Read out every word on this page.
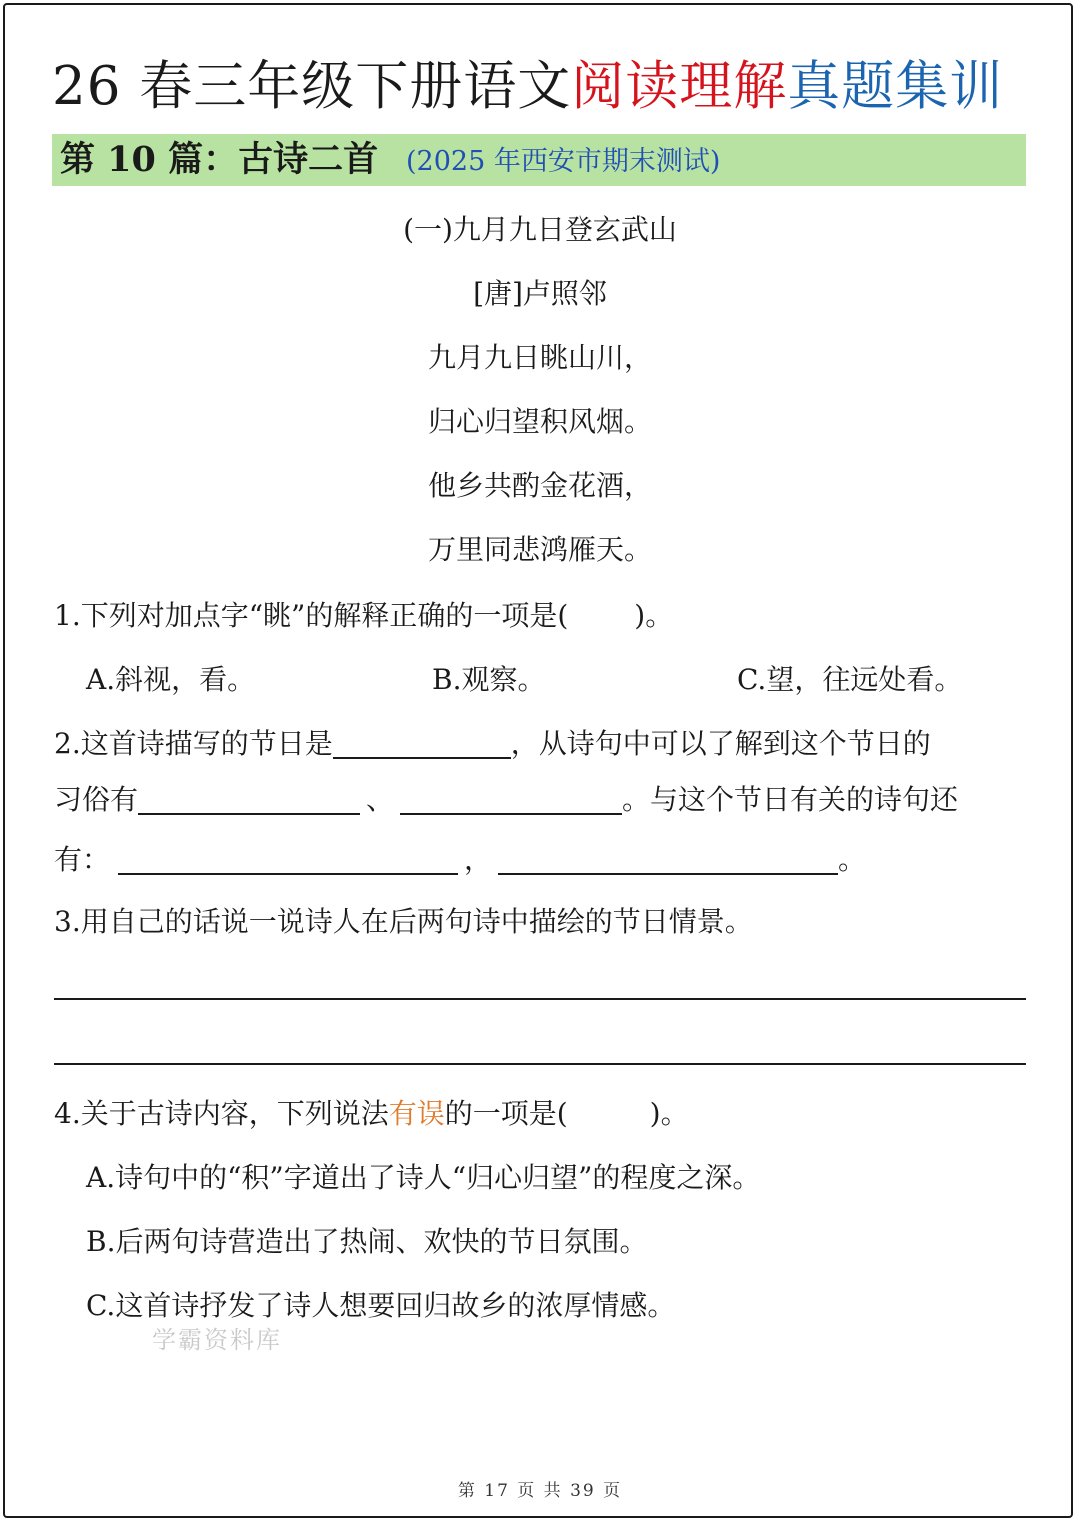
26 春三年级下册语文阅读理解真题集训
第 10 篇：古诗二首 (2025 年西安市期末测试)
(一)九月九日登玄武山
[唐]卢照邻
九月九日眺山川，
归心归望积风烟。
他乡共酌金花酒，
万里同悲鸿雁天。
1.下列对加点字“眺”的解释正确的一项是( )。
A.斜视，看。	B.观察。	C.望，往远处看。
2.这首诗描写的节日是	，从诗句中可以了解到这个节日的
习俗有	、	。与这个节日有关的诗句还
有：	，	。
3.用自己的话说一说诗人在后两句诗中描绘的节日情景。
4.关于古诗内容，下列说法有误的一项是(	)。
A.诗句中的“积”字道出了诗人“归心归望”的程度之深。
B.后两句诗营造出了热闹、欢快的节日氛围。
C.这首诗抒发了诗人想要回归故乡的浓厚情感。
学霸资料库
第 17 页 共 39 页
